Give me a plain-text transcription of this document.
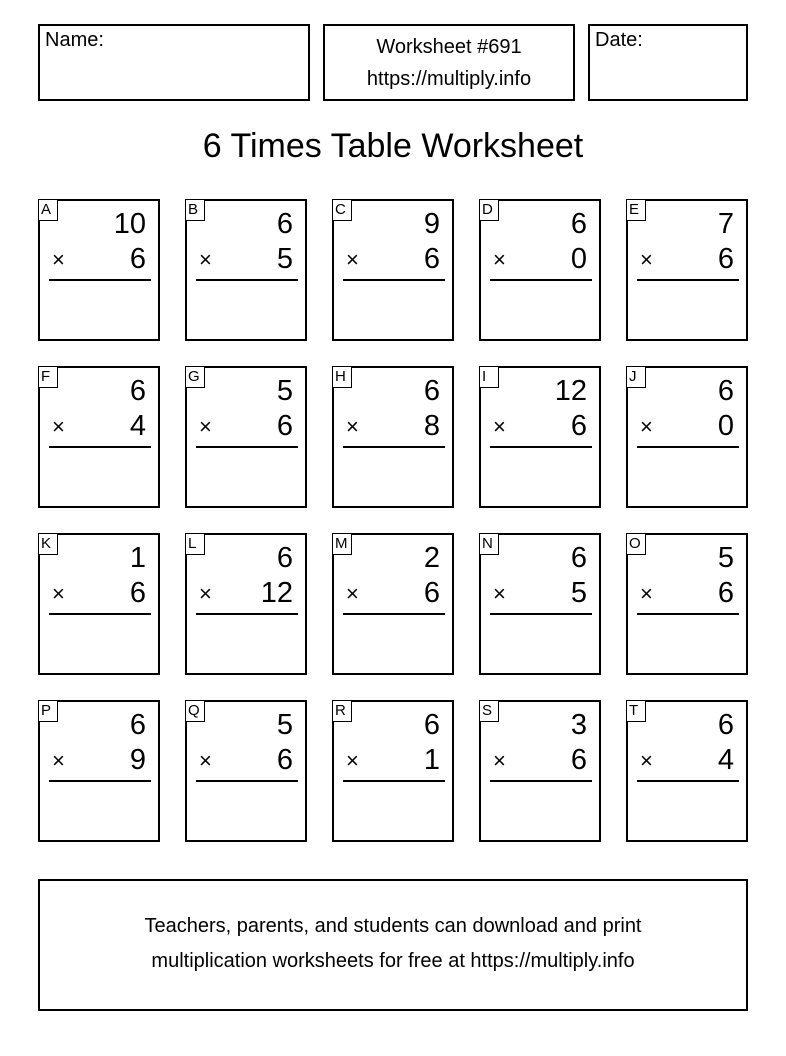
Name:	Worksheet #691
https://multiply.info
Date:
6 Times Table Worksheet
A 10
× 6
B	6
× 5
C	9
× 6
D	6
× 0
E	7
× 6
F	6
× 4
G	5
× 6
H	6
× 8
I	12
× 6
J	6
× 0
K	1
× 6
L	6
× 12
M	2
× 6
N	6
× 5
O	5
× 6
P	6
× 9
Q	5
× 6
R	6
× 1
S	3
× 6
T	6
× 4
Teachers, parents, and students can download and print
multiplication worksheets for free at https://multiply.info
